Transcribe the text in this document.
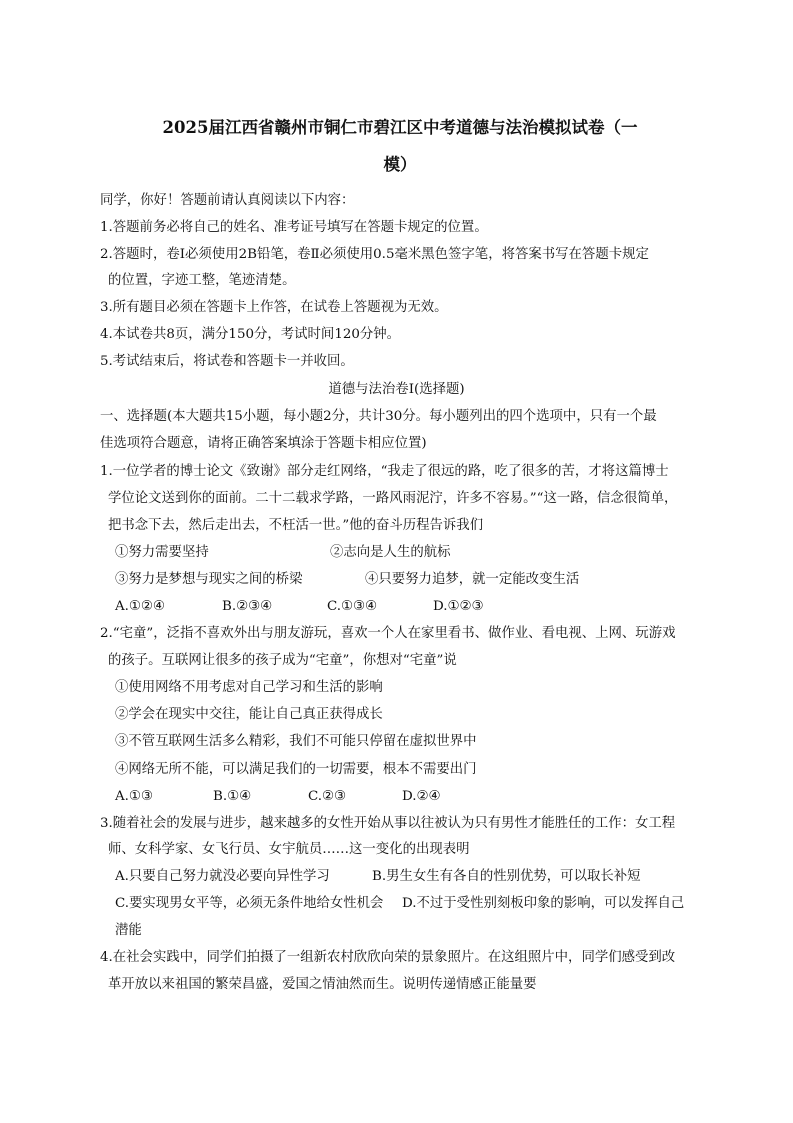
2025届江西省赣州市铜仁市碧江区中考道德与法治模拟试卷（一
模）
同学，你好！答题前请认真阅读以下内容：
1.答题前务必将自己的姓名、准考证号填写在答题卡规定的位置。
2.答题时，卷Ⅰ必须使用2B铅笔，卷Ⅱ必须使用0.5毫米黑色签字笔，将答案书写在答题卡规定
的位置，字迹工整，笔迹清楚。
3.所有题目必须在答题卡上作答，在试卷上答题视为无效。
4.本试卷共8页，满分150分，考试时间120分钟。
5.考试结束后，将试卷和答题卡一并收回。
道德与法治卷Ⅰ(选择题)
一、选择题(本大题共15小题，每小题2分，共计30分。每小题列出的四个选项中，只有一个最
佳选项符合题意，请将正确答案填涂于答题卡相应位置)
1.一位学者的博士论文《致谢》部分走红网络，“我走了很远的路，吃了很多的苦，才将这篇博士
学位论文送到你的面前。二十二载求学路，一路风雨泥泞，许多不容易。”“这一路，信念很简单，
把书念下去，然后走出去，不枉活一世。”他的奋斗历程告诉我们
①努力需要坚持	②志向是人生的航标
③努力是梦想与现实之间的桥梁	④只要努力追梦，就一定能改变生活
A.①②④	B.②③④	C.①③④	D.①②③
2.“宅童”，泛指不喜欢外出与朋友游玩，喜欢一个人在家里看书、做作业、看电视、上网、玩游戏
的孩子。互联网让很多的孩子成为“宅童”，你想对“宅童”说
①使用网络不用考虑对自己学习和生活的影响
②学会在现实中交往，能让自己真正获得成长
③不管互联网生活多么精彩，我们不可能只停留在虚拟世界中
④网络无所不能，可以满足我们的一切需要，根本不需要出门
A.①③	B.①④	C.②③	D.②④
3.随着社会的发展与进步，越来越多的女性开始从事以往被认为只有男性才能胜任的工作：女工程
师、女科学家、女飞行员、女宇航员……这一变化的出现表明
A.只要自己努力就没必要向异性学习	B.男生女生有各自的性别优势，可以取长补短
C.要实现男女平等，必须无条件地给女性机会 D.不过于受性别刻板印象的影响，可以发挥自己
潜能
4.在社会实践中，同学们拍摄了一组新农村欣欣向荣的景象照片。在这组照片中，同学们感受到改
革开放以来祖国的繁荣昌盛，爱国之情油然而生。说明传递情感正能量要
